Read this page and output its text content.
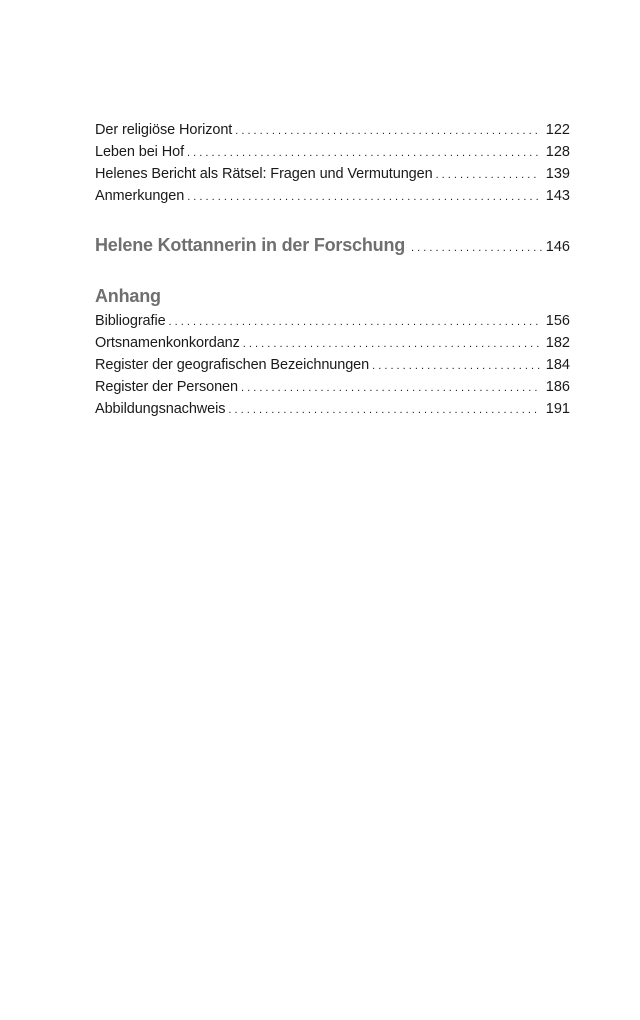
Der religiöse Horizont . . .	122
Leben bei Hof . . .	128
Helenes Bericht als Rätsel: Fragen und Vermutungen . . .	139
Anmerkungen . . .	143
Helene Kottannerin in der Forschung . . .	146
Anhang
Bibliografie . . .	156
Ortsnamenkonkordanz . . .	182
Register der geografischen Bezeichnungen . . .	184
Register der Personen . . .	186
Abbildungsnachweis . . .	191
